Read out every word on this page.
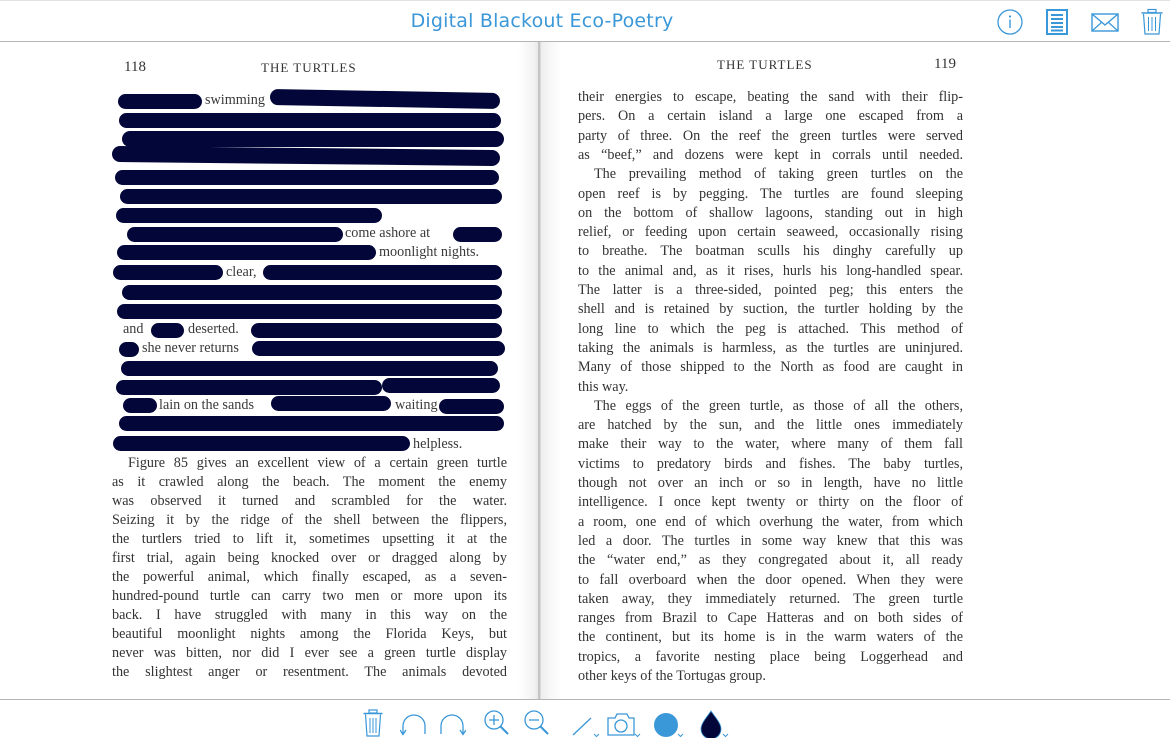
Digital Blackout Eco-Poetry
118	THE TURTLES
swimming
come ashore at
moonlight nights.
clear,
and	deserted.
she never returns
lain on the sands	waiting
helpless.
Figure 85 gives an excellent view of a certain green turtle
as it crawled along the beach. The moment the enemy
was observed it turned and scrambled for the water.
Seizing it by the ridge of the shell between the flippers,
the turtlers tried to lift it, sometimes upsetting it at the
first trial, again being knocked over or dragged along by
the powerful animal, which finally escaped, as a seven-
hundred-pound turtle can carry two men or more upon its
back. I have struggled with many in this way on the
beautiful moonlight nights among the Florida Keys, but
never was bitten, nor did I ever see a green turtle display
the slightest anger or resentment. The animals devoted
THE TURTLES	119
their energies to escape, beating the sand with their flip-
pers. On a certain island a large one escaped from a
party of three. On the reef the green turtles were served
as “beef,” and dozens were kept in corrals until needed.
The prevailing method of taking green turtles on the
open reef is by pegging. The turtles are found sleeping
on the bottom of shallow lagoons, standing out in high
relief, or feeding upon certain seaweed, occasionally rising
to breathe. The boatman sculls his dinghy carefully up
to the animal and, as it rises, hurls his long-handled spear.
The latter is a three-sided, pointed peg; this enters the
shell and is retained by suction, the turtler holding by the
long line to which the peg is attached. This method of
taking the animals is harmless, as the turtles are uninjured.
Many of those shipped to the North as food are caught in
this way.
The eggs of the green turtle, as those of all the others,
are hatched by the sun, and the little ones immediately
make their way to the water, where many of them fall
victims to predatory birds and fishes. The baby turtles,
though not over an inch or so in length, have no little
intelligence. I once kept twenty or thirty on the floor of
a room, one end of which overhung the water, from which
led a door. The turtles in some way knew that this was
the “water end,” as they congregated about it, all ready
to fall overboard when the door opened. When they were
taken away, they immediately returned. The green turtle
ranges from Brazil to Cape Hatteras and on both sides of
the continent, but its home is in the warm waters of the
tropics, a favorite nesting place being Loggerhead and
other keys of the Tortugas group.
